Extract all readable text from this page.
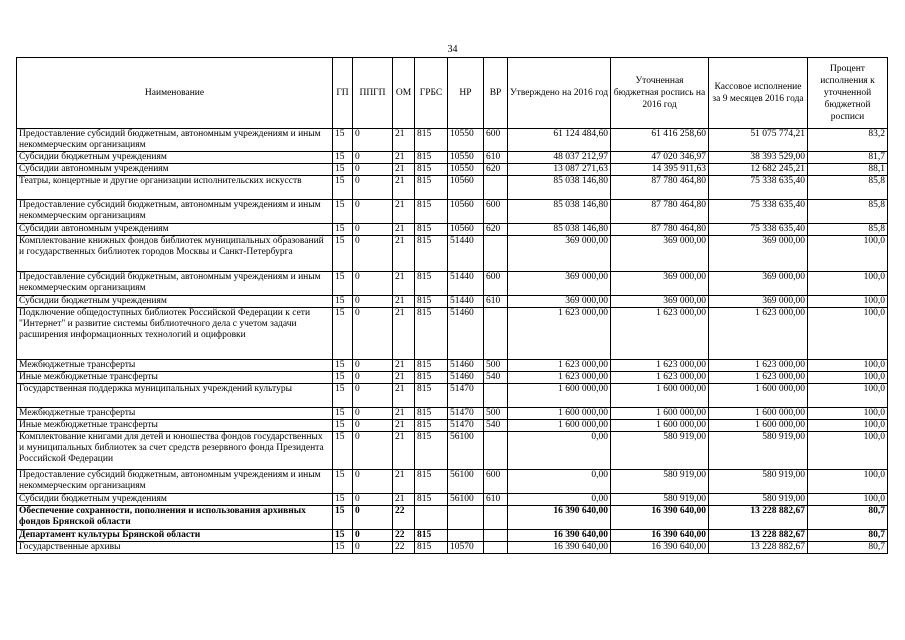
34
Наименование	ГП	ППГП	ОМ	ГРБС	НР	ВР	Утверждено на 2016 год	Уточненная бюджетная роспись на 2016 год	Кассовое исполнение за 9 месяцев 2016 года	Процент исполнения к уточненной бюджетной росписи
Предоставление субсидий бюджетным, автономным учреждениям и иным некоммерческим организациям	15	0	21	815	10550	600	61 124 484,60	61 416 258,60	51 075 774,21	83,2
Субсидии бюджетным учреждениям	15	0	21	815	10550	610	48 037 212,97	47 020 346,97	38 393 529,00	81,7
Субсидии автономным учреждениям	15	0	21	815	10550	620	13 087 271,63	14 395 911,63	12 682 245,21	88,1
Театры, концертные и другие организации исполнительских искусств	15	0	21	815	10560		85 038 146,80	87 780 464,80	75 338 635,40	85,8
Предоставление субсидий бюджетным, автономным учреждениям и иным некоммерческим организациям	15	0	21	815	10560	600	85 038 146,80	87 780 464,80	75 338 635,40	85,8
Субсидии автономным учреждениям	15	0	21	815	10560	620	85 038 146,80	87 780 464,80	75 338 635,40	85,8
Комплектование книжных фондов библиотек муниципальных образований и государственных библиотек городов Москвы и Санкт-Петербурга	15	0	21	815	51440		369 000,00	369 000,00	369 000,00	100,0
Предоставление субсидий бюджетным, автономным учреждениям и иным некоммерческим организациям	15	0	21	815	51440	600	369 000,00	369 000,00	369 000,00	100,0
Субсидии бюджетным учреждениям	15	0	21	815	51440	610	369 000,00	369 000,00	369 000,00	100,0
Подключение общедоступных библиотек Российской Федерации к сети "Интернет" и развитие системы библиотечного дела с учетом задачи расширения информационных технологий и оцифровки	15	0	21	815	51460		1 623 000,00	1 623 000,00	1 623 000,00	100,0
Межбюджетные трансферты	15	0	21	815	51460	500	1 623 000,00	1 623 000,00	1 623 000,00	100,0
Иные межбюджетные трансферты	15	0	21	815	51460	540	1 623 000,00	1 623 000,00	1 623 000,00	100,0
Государственная поддержка муниципальных учреждений культуры	15	0	21	815	51470		1 600 000,00	1 600 000,00	1 600 000,00	100,0
Межбюджетные трансферты	15	0	21	815	51470	500	1 600 000,00	1 600 000,00	1 600 000,00	100,0
Иные межбюджетные трансферты	15	0	21	815	51470	540	1 600 000,00	1 600 000,00	1 600 000,00	100,0
Комплектование книгами для детей и юношества фондов государственных и муниципальных библиотек за счет средств резервного фонда Президента Российской Федерации	15	0	21	815	56100		0,00	580 919,00	580 919,00	100,0
Предоставление субсидий бюджетным, автономным учреждениям и иным некоммерческим организациям	15	0	21	815	56100	600	0,00	580 919,00	580 919,00	100,0
Субсидии бюджетным учреждениям	15	0	21	815	56100	610	0,00	580 919,00	580 919,00	100,0
Обеспечение сохранности, пополнения и использования архивных фондов Брянской области	15	0	22				16 390 640,00	16 390 640,00	13 228 882,67	80,7
Департамент культуры Брянской области	15	0	22	815			16 390 640,00	16 390 640,00	13 228 882,67	80,7
Государственные архивы	15	0	22	815	10570		16 390 640,00	16 390 640,00	13 228 882,67	80,7
